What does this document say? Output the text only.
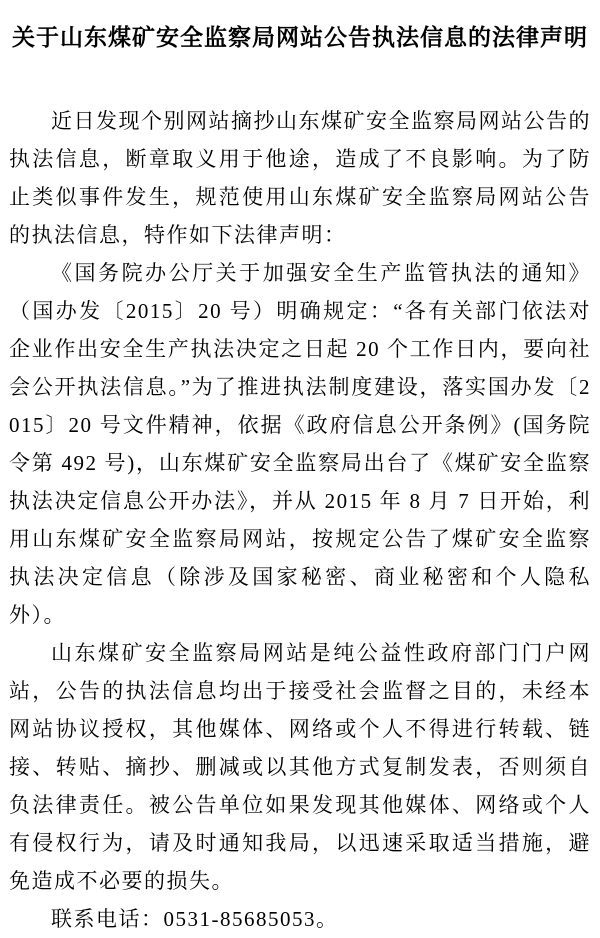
关于山东煤矿安全监察局网站公告执法信息的法律声明

近日发现个别网站摘抄山东煤矿安全监察局网站公告的执法信息，断章取义用于他途，造成了不良影响。为了防止类似事件发生，规范使用山东煤矿安全监察局网站公告的执法信息，特作如下法律声明：

《国务院办公厅关于加强安全生产监管执法的通知》（国办发〔2015〕20 号）明确规定：“各有关部门依法对企业作出安全生产执法决定之日起 20 个工作日内，要向社会公开执法信息。”为了推进执法制度建设，落实国办发〔2015〕20 号文件精神，依据《政府信息公开条例》(国务院令第 492 号)，山东煤矿安全监察局出台了《煤矿安全监察执法决定信息公开办法》，并从 2015 年 8 月 7 日开始，利用山东煤矿安全监察局网站，按规定公告了煤矿安全监察执法决定信息（除涉及国家秘密、商业秘密和个人隐私外）。

山东煤矿安全监察局网站是纯公益性政府部门门户网站，公告的执法信息均出于接受社会监督之目的，未经本网站协议授权，其他媒体、网络或个人不得进行转载、链接、转贴、摘抄、删减或以其他方式复制发表，否则须自负法律责任。被公告单位如果发现其他媒体、网络或个人有侵权行为，请及时通知我局，以迅速采取适当措施，避免造成不必要的损失。

联系电话：0531-85685053。
